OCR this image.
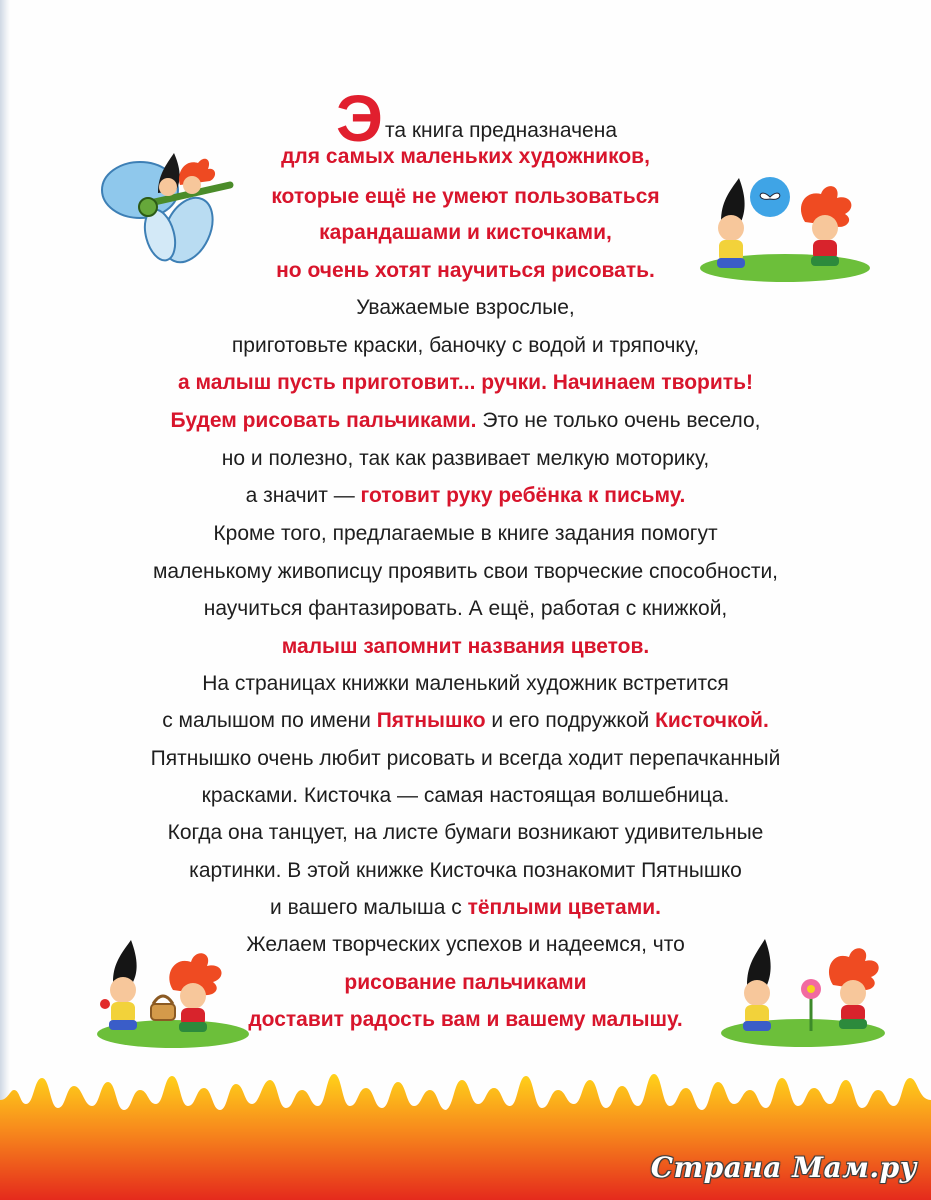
Эта книга предназначена
для самых маленьких художников,
которые ещё не умеют пользоваться
карандашами и кисточками,
но очень хотят научиться рисовать.
Уважаемые взрослые,
приготовьте краски, баночку с водой и тряпочку,
а малыш пусть приготовит... ручки. Начинаем творить!
Будем рисовать пальчиками. Это не только очень весело,
но и полезно, так как развивает мелкую моторику,
а значит — готовит руку ребёнка к письму.
Кроме того, предлагаемые в книге задания помогут
маленькому живописцу проявить свои творческие способности,
научиться фантазировать. А ещё, работая с книжкой,
малыш запомнит названия цветов.
На страницах книжки маленький художник встретится
с малышом по имени Пятнышко и его подружкой Кисточкой.
Пятнышко очень любит рисовать и всегда ходит перепачканный
красками. Кисточка — самая настоящая волшебница.
Когда она танцует, на листе бумаги возникают удивительные
картинки. В этой книжке Кисточка познакомит Пятнышко
и вашего малыша с тёплыми цветами.
Желаем творческих успехов и надеемся, что
рисование пальчиками
доставит радость вам и вашему малышу.
Страна Мам.ру
